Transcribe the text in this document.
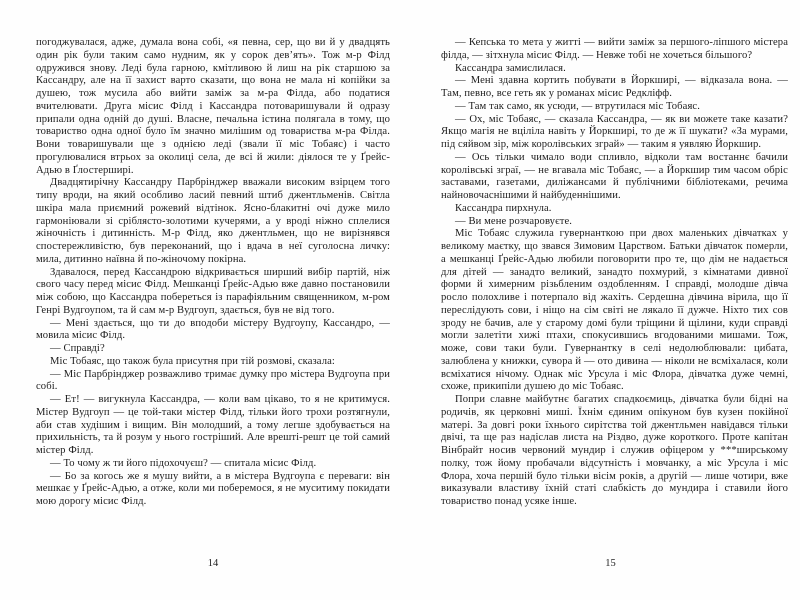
погоджувалася, адже, думала вона собі, «я певна, сер, що ви й у двадцять один рік були таким само нудним, як у сорок дев’ять». Тож м-р Філд одружився знову. Леді була гарною, кмітливою й лиш на рік старшою за Кассандру, але на її захист варто сказати, що вона не мала ні копійки за душею, тож мусила або вийти заміж за м-ра Філда, або податися вчителювати. Друга місис Філд і Кассандра потоваришували й одразу припали одна одній до душі. Власне, печальна істина полягала в тому, що товариство одна одної було їм значно милішим од товариства м-ра Філда. Вони товаришували ще з однією леді (звали її міс Тобаяс) і часто прогулювалися втрьох за околиці села, де всі й жили: діялося те у Ґрейс-Адью в Ґлостерширі.

Двадцятирічну Кассандру Парбрінджер вважали високим взірцем того типу вроди, на який особливо ласий певний штиб джентльменів. Світла шкіра мала приємний рожевий відтінок. Ясно-блакитні очі дуже мило гармоніювали зі сріблясто-золотими кучерями, а у вроді ніжно сплелися жіночність і дитинність. М-р Філд, яко джентльмен, що не вирізнявся спостережливістю, був переконаний, що і вдача в неї суголосна личку: мила, дитинно наївна й по-жіночому покірна.

Здавалося, перед Кассандрою відкривається ширший вибір партій, ніж свого часу перед місис Філд. Мешканці Ґрейс-Адью вже давно постановили між собою, що Кассандра побереться із парафіяльним священником, м-ром Генрі Вудгоупом, та й сам м-р Вудгоуп, здається, був не від того.

— Мені здається, що ти до вподоби містеру Вудгоупу, Кассандро, — мовила місис Філд.

— Справді?

Міс Тобаяс, що також була присутня при тій розмові, сказала:

— Міс Парбрінджер розважливо тримає думку про містера Вудгоупа при собі.

— Ет! — вигукнула Кассандра, — коли вам цікаво, то я не критимуся. Містер Вудгоуп — це той-таки містер Філд, тільки його трохи розтягнули, аби став худішим і вищим. Він молодший, а тому легше здобувається на прихильність, та й розум у нього гостріший. Але врешті-решт це той самий містер Філд.

— То чому ж ти його підохочуєш? — спитала місис Філд.

— Бо за когось же я мушу вийти, а в містера Вудгоупа є переваги: він мешкає у Ґрейс-Адью, а отже, коли ми поберемося, я не муситиму покидати мою дорогу місис Філд.

— Кепська то мета у житті — вийти заміж за першого-ліпшого містера філда, — зітхнула місис Філд. — Невже тобі не хочеться більшого?

Кассандра замислилася.

— Мені здавна кортить побувати в Йоркширі, — відказала вона. — Там, певно, все геть як у романах місис Редкліфф.

— Там так само, як усюди, — втрутилася міс Тобаяс.

— Ох, міс Тобаяс, — сказала Кассандра, — як ви можете таке казати? Якщо магія не вціліла навіть у Йоркширі, то де ж її шукати? «За мурами, під сяйвом зір, між королівських зграй» — таким я уявляю Йоркшир.

— Ось тільки чимало води спливло, відколи там востаннє бачили королівські зграї, — не вгавала міс Тобаяс, — а Йоркшир тим часом обріс заставами, газетами, диліжансами й публічними бібліотеками, речима найновочаснішими й найбуденнішими.

Кассандра пирхнула.

— Ви мене розчаровуєте.

Міс Тобаяс служила гувернанткою при двох маленьких дівчатках у великому маєтку, що звався Зимовим Царством. Батьки дівчаток померли, а мешканці Ґрейс-Адью любили поговорити про те, що дім не надається для дітей — занадто великий, занадто похмурий, з кімнатами дивної форми й химерним різьбленим оздобленням. І справді, молодше дівча росло полохливе і потерпало від жахіть. Сердешна дівчина вірила, що її переслідують сови, і ніщо на сім світі не лякало її дужче. Ніхто тих сов зроду не бачив, але у старому домі були тріщини й щілини, куди справді могли залетіти хижі птахи, спокусившись вгодованими мишами. Тож, може, сови таки були. Гувернантку в селі недолюблювали: цибата, залюблена у книжки, сувора й — ото дивина — ніколи не всміхалася, коли всміхатися нічому. Однак міс Урсула і міс Флора, дівчатка дуже чемні, схоже, прикипіли душею до міс Тобаяс.

Попри славне майбутнє багатих спадкоємиць, дівчатка були бідні на родичів, як церковні миші. Їхнім єдиним опікуном був кузен покійної матері. За довгі роки їхнього сирітства той джентльмен навідався тільки двічі, та ще раз надіслав листа на Різдво, дуже короткого. Проте капітан Вінбрайт носив червоний мундир і служив офіцером у ***ширському полку, тож йому пробачали відсутність і мовчанку, а міс Урсула і міс Флора, хоча першій було тільки вісім років, а другій — лише чотири, вже виказували властиву їхній статі слабкість до мундира і ставили його товариство понад усяке інше.

14	15
